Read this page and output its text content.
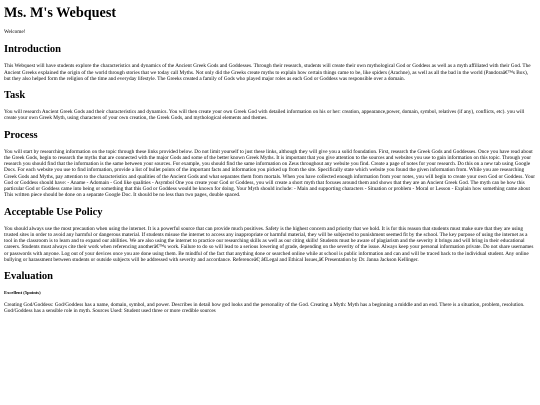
Ms. M's Webquest

Welcome!

Introduction

This Webquest will have students explore the characteristics and dynamics of the Ancient Greek Gods and Goddesses. Through their research, students will create their own mythological God or Goddess as well as a myth affiliated with their God. The Ancient Greeks explained the origin of the world through stories that we today call Myths. Not only did the Greeks create myths to explain how certain things came to be, like spiders (Arachne), as well as all the bad in the world (Pandoraâ€™s Box), but they also helped form the religion of the time and everyday lifestyle. The Greeks created a family of Gods who played major roles as each God or Goddess was responsible over a domain.

Task

You will research Ancient Greek Gods and their characteristics and dynamics. You will then create your own Greek God with detailed information on his or her: creation, appearance,power, domain, symbol, relatives (if any), conflicts, etc). you will create your own Greek Myth, using characters of your own creation, the Greek Gods, and mythological elements and themes.

Process

You will start by researching information on the topic through these links provided below. Do not limit yourself to just these links, although they will give you a solid foundation. First, research the Greek Gods and Goddesses. Once you have read about the Greek Gods, begin to research the myths that are connected with the major Gods and some of the better known Greek Myths. It is important that you give attention to the sources and websites you use to gain information on this topic. Through your research you should find that the information is the same between your sources. For example, you should find the same information on Zeus throughout any website you find. Create a page of notes for your research. Do this on a new tab using Google Docs. For each website you use to find information, provide a list of bullet points of the important facts and information you picked up from the site. Specifically state which website you found the given information from. While you are researching Greek Gods and Myths, pay attention to the characteristics and qualities of the Ancient Gods and what separates them from mortals. When you have collected enough information from your notes, you will begin to create your own God or Goddess. Your God or Goddess should have: - Aname - Adomain - God like qualities - Asymbol One you create your God or Goddess, you will create a short myth that focuses around them and shows that they are an Ancient Greek God. The myth can be how this particular God or Goddess came into being or something that this God or Goddess would be known for doing. Your Myth should include: - Main and supporting characters - Situation or problem - Moral or Lesson - Explain how something came about This written piece should be done on a separate Google Doc. It should be no less than two pages, double spaced.

Acceptable Use Policy

You should always use the most precaution when using the internet. It is a powerful source that can provide much positives. Safety is the highest concern and priority that we hold. It is for this reason that students must make sure that they are using trusted sites in order to avoid any harmful or dangerous material. If students misuse the internet to access any inappropriate or harmful material, they will be subjected to punishment seemed fit by the school. The key purpose of using the internet as a tool in the classroom is to learn and to expand our abilities. We are also using the internet to practice our researching skills as well as our citing skills! Students must be aware of plagiarism and the severity it brings and will bring in their educational careers. Students must always cite their work when referencing anotherâ€™s work. Failure to do so will lead to a serious lowering of grade, depending on the severity of the issue. Always keep your personal information private. Do not share usernames or passwords with anyone. Log out of your devices once you are done using them. Be mindful of the fact that anything done or searched online while at school is public information and can and will be traced back to the individual student. Any online bullying or harassment between students or outside subjects will be addressed with severity and accordance. Referenceâ€¦ â€Legal and Ethical Issues,â€ Presentation by Dr. Janna Jackson Kellinger.

Evaluation
Excellent (5points)

Creating God/Goddess: God/Goddess has a name, domain, symbol, and power. Describes in detail how god looks and the personality of the God. Creating a Myth: Myth has a beginning a middle and an end. There is a situation, problem, resolution. God/Goddess has a sensible role in myth. Sources Used: Student used three or more credible sources
